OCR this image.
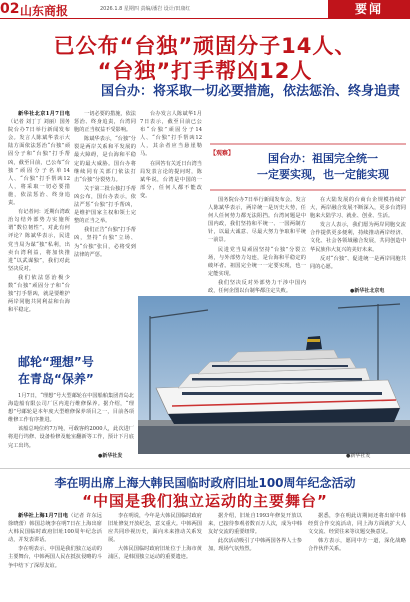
02 山东商报	2026.1.8 星期四 责编/潘岩 设计/田康红	要闻
已公布“台独”顽固分子14人、
“台独”打手帮凶12人
国台办：将采取一切必要措施，依法惩治、终身追责

新华社北京1月7日电（记者 刘丁丁 刘丽）国务院台办7日举行新闻发布会。发言人陈斌华表示大陆方面依法惩治“台独”顽固分子和“台独”打手帮凶，截至目前，已公布“台独”顽固分子名单14人、“台独”打手帮凶12人，将采取一切必要措施，依法惩治、终身追责。

有记者问：近期台湾政治勾结外部势力实施所谓“数位韧性”，对此有何评论？陈斌华表示，民进党当局为谋“独”私利，出卖台湾利益，将加快推进“以武谋独”，我们对此坚决反对。

我们依法惩治极少数“台独”顽固分子和“台独”打手帮凶，就是要维护两岸同胞共同利益和台海和平稳定。

一切必要的措施，依法惩治、终身追责，台湾同胞的正当权益不受影响。

陈斌华表示，“台独”分裂是两岸关系和平发展的最大障碍，是台海和平稳定的最大威胁。国台办将继续同有关部门依法打击“台独”分裂势力。

关于第二批台独打手帮凶公布，国台办表示，依法严惩“台独”打手帮凶，是维护国家主权和领土完整的正当之举。

我们正告“台独”打手帮凶，坚持“台独”立场、为“台独”张目，必将受到法律的严惩。

台办发言人陈斌华1月7日表示，截至目前已公布“台独”顽固分子14人、“台独”打手帮凶12人，其余者应当悬崖勒马。

在回答有关近日台湾当局发表言论的提问时，陈斌华说，台湾是中国的一部分，任何人都不能改变。

【观察】	国台办：祖国完全统一
一定要实现，也一定能实现

国务院台办7日举行新闻发布会。发言人陈斌华表示，两岸统一是历史大势，任何人任何势力都无法阻挡。台湾问题是中国内政，我们坚持和平统一、一国两制方针，以最大诚意、尽最大努力争取和平统一前景。

民进党当局顽固坚持“台独”分裂立场，与外部势力勾连，是台海和平稳定的破坏者。祖国完全统一一定要实现，也一定能实现。

我们坚决反对外部势力干涉中国内政，任何企图以台制华都注定失败。

在大陆发展的台商台企规模持续扩大，两岸融合发展不断深入，更多台湾同胞来大陆学习、就业、创业、生活。

发言人表示，我们愿为两岸同胞交流合作提供更多便利，持续推动两岸经济、文化、社会各领域融合发展，共同创造中华民族伟大复兴的美好未来。

反对“台独”、促进统一是两岸同胞共同的心愿。

●新华社北京电
邮轮“理想”号
在青岛“保养”

1月7日，“理想”号大型邮轮在中国船舶集团青岛北海造船有限公司厂区内进行维修保养。据介绍，“理想”号邮轮是本年度大型维修保养项目之一，目前各项维修工作有序推进。

该船总吨位约7万吨，可载客约2000人，此次进厂将进行坞修、设备检修及舱室翻新等工作，预计下月底完工出坞。

●新华社发	●新华社发
李在明出席上海大韩民国临时政府旧址100周年纪念活动
“中国是我们独立运动的主要舞台”

新华社上海1月7日电（记者 许东远 徐晓蕾）韩国总统李在明7日在上海出席大韩民国临时政府旧址100周年纪念活动，并发表讲话。

李在明表示，中国是我们独立运动的主要舞台，中韩两国人民在抵抗侵略的斗争中结下了深厚友谊。

李在明说，今年是大韩民国临时政府旧址修复开放纪念，意义重大。中韩两国应共同珍视历史，面向未来推动关系发展。

大韩民国临时政府旧址位于上海市黄浦区，是韩国独立运动的重要遗迹。

据介绍，旧址自1993年修复开放以来，已接待参观者数百万人次，成为中韩友好交流的重要纽带。

此次活动吸引了中韩两国各界人士参加，现场气氛热烈。

据悉，李在明此访期间还将出席中韩经贸合作交流活动，同上海方面就扩大人文交流、经贸往来等议题交换意见。

韩方表示，愿同中方一道，深化战略合作伙伴关系。
